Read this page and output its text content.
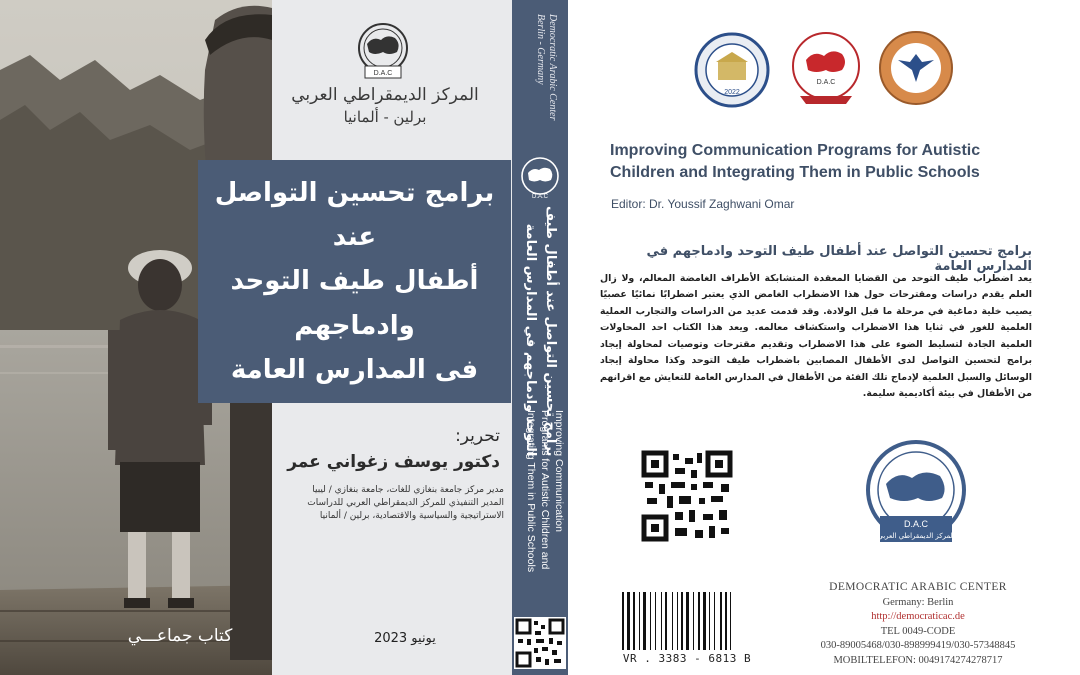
D.A.C
المركز الديمقراطي العربي
برلين - ألمانيا
برامج تحسين التواصل عند
أطفال طيف التوحد وادماجهم
فى المدارس العامة
تحرير:
دكتور يوسف زغواني عمر
مدير مركز جامعة بنغازي للغات، جامعة بنغازي / ليبيا
المدير التنفيذي للمركز الديمقراطي العربي للدراسات
الاستراتيجية والسياسية والاقتصادية، برلين / ألمانيا
يونيو 2023
كتاب جماعـــي
Democratic Arabic Center
Berlin - Germany
D.A.C
برامج تحسين التواصل عند أطفال طيف
التوحد وادماجهم في المدارس العامة
Improving Communication
Programs for Autistic Children and
Integrating Them in Public Schools
2022
D.A.C
Improving Communication Programs for Autistic
Children and Integrating Them in Public Schools
Editor: Dr. Youssif Zaghwani Omar
برامج تحسين التواصل عند أطفال طيف التوحد وادماجهم في المدارس العامة
يعد اضطراب طيف التوحد من القضايا المعقدة المتشابكة الأطراف الغامضة المعالم، ولا زال العلم يقدم دراسات ومقترحات حول هذا الاضطراب الغامض الذي يعتبر اضطرابًا نمائيًا عصبيًا يصيب خلية دماغية في مرحلة ما قبل الولادة. وقد قدمت عديد من الدراسات والتجارب العملية العلمية للغور في ثنايا هذا الاضطراب واستكشاف معالمه. ويعد هذا الكتاب احد المحاولات العلمية الجادة لتسليط الضوء على هذا الاضطراب وتقديم مقترحات وتوصيات لمحاولة إيجاد برامج لتحسين التواصل لدى الأطفال المصابين باضطراب طيف التوحد وكذا محاولة إيجاد الوسائل والسبل العلمية لإدماج تلك الفئة من الأطفال في المدارس العامة للتعايش مع اقرانهم من الأطفال في بيئة أكاديمية سليمة.
D.A.C
المركز الديمقراطي العربي
VR . 3383 - 6813 B
DEMOCRATIC ARABIC CENTER
Germany: Berlin
http://democraticac.de
TEL 0049-CODE
030-89005468/030-898999419/030-57348845
MOBILTELEFON: 0049174274278717
